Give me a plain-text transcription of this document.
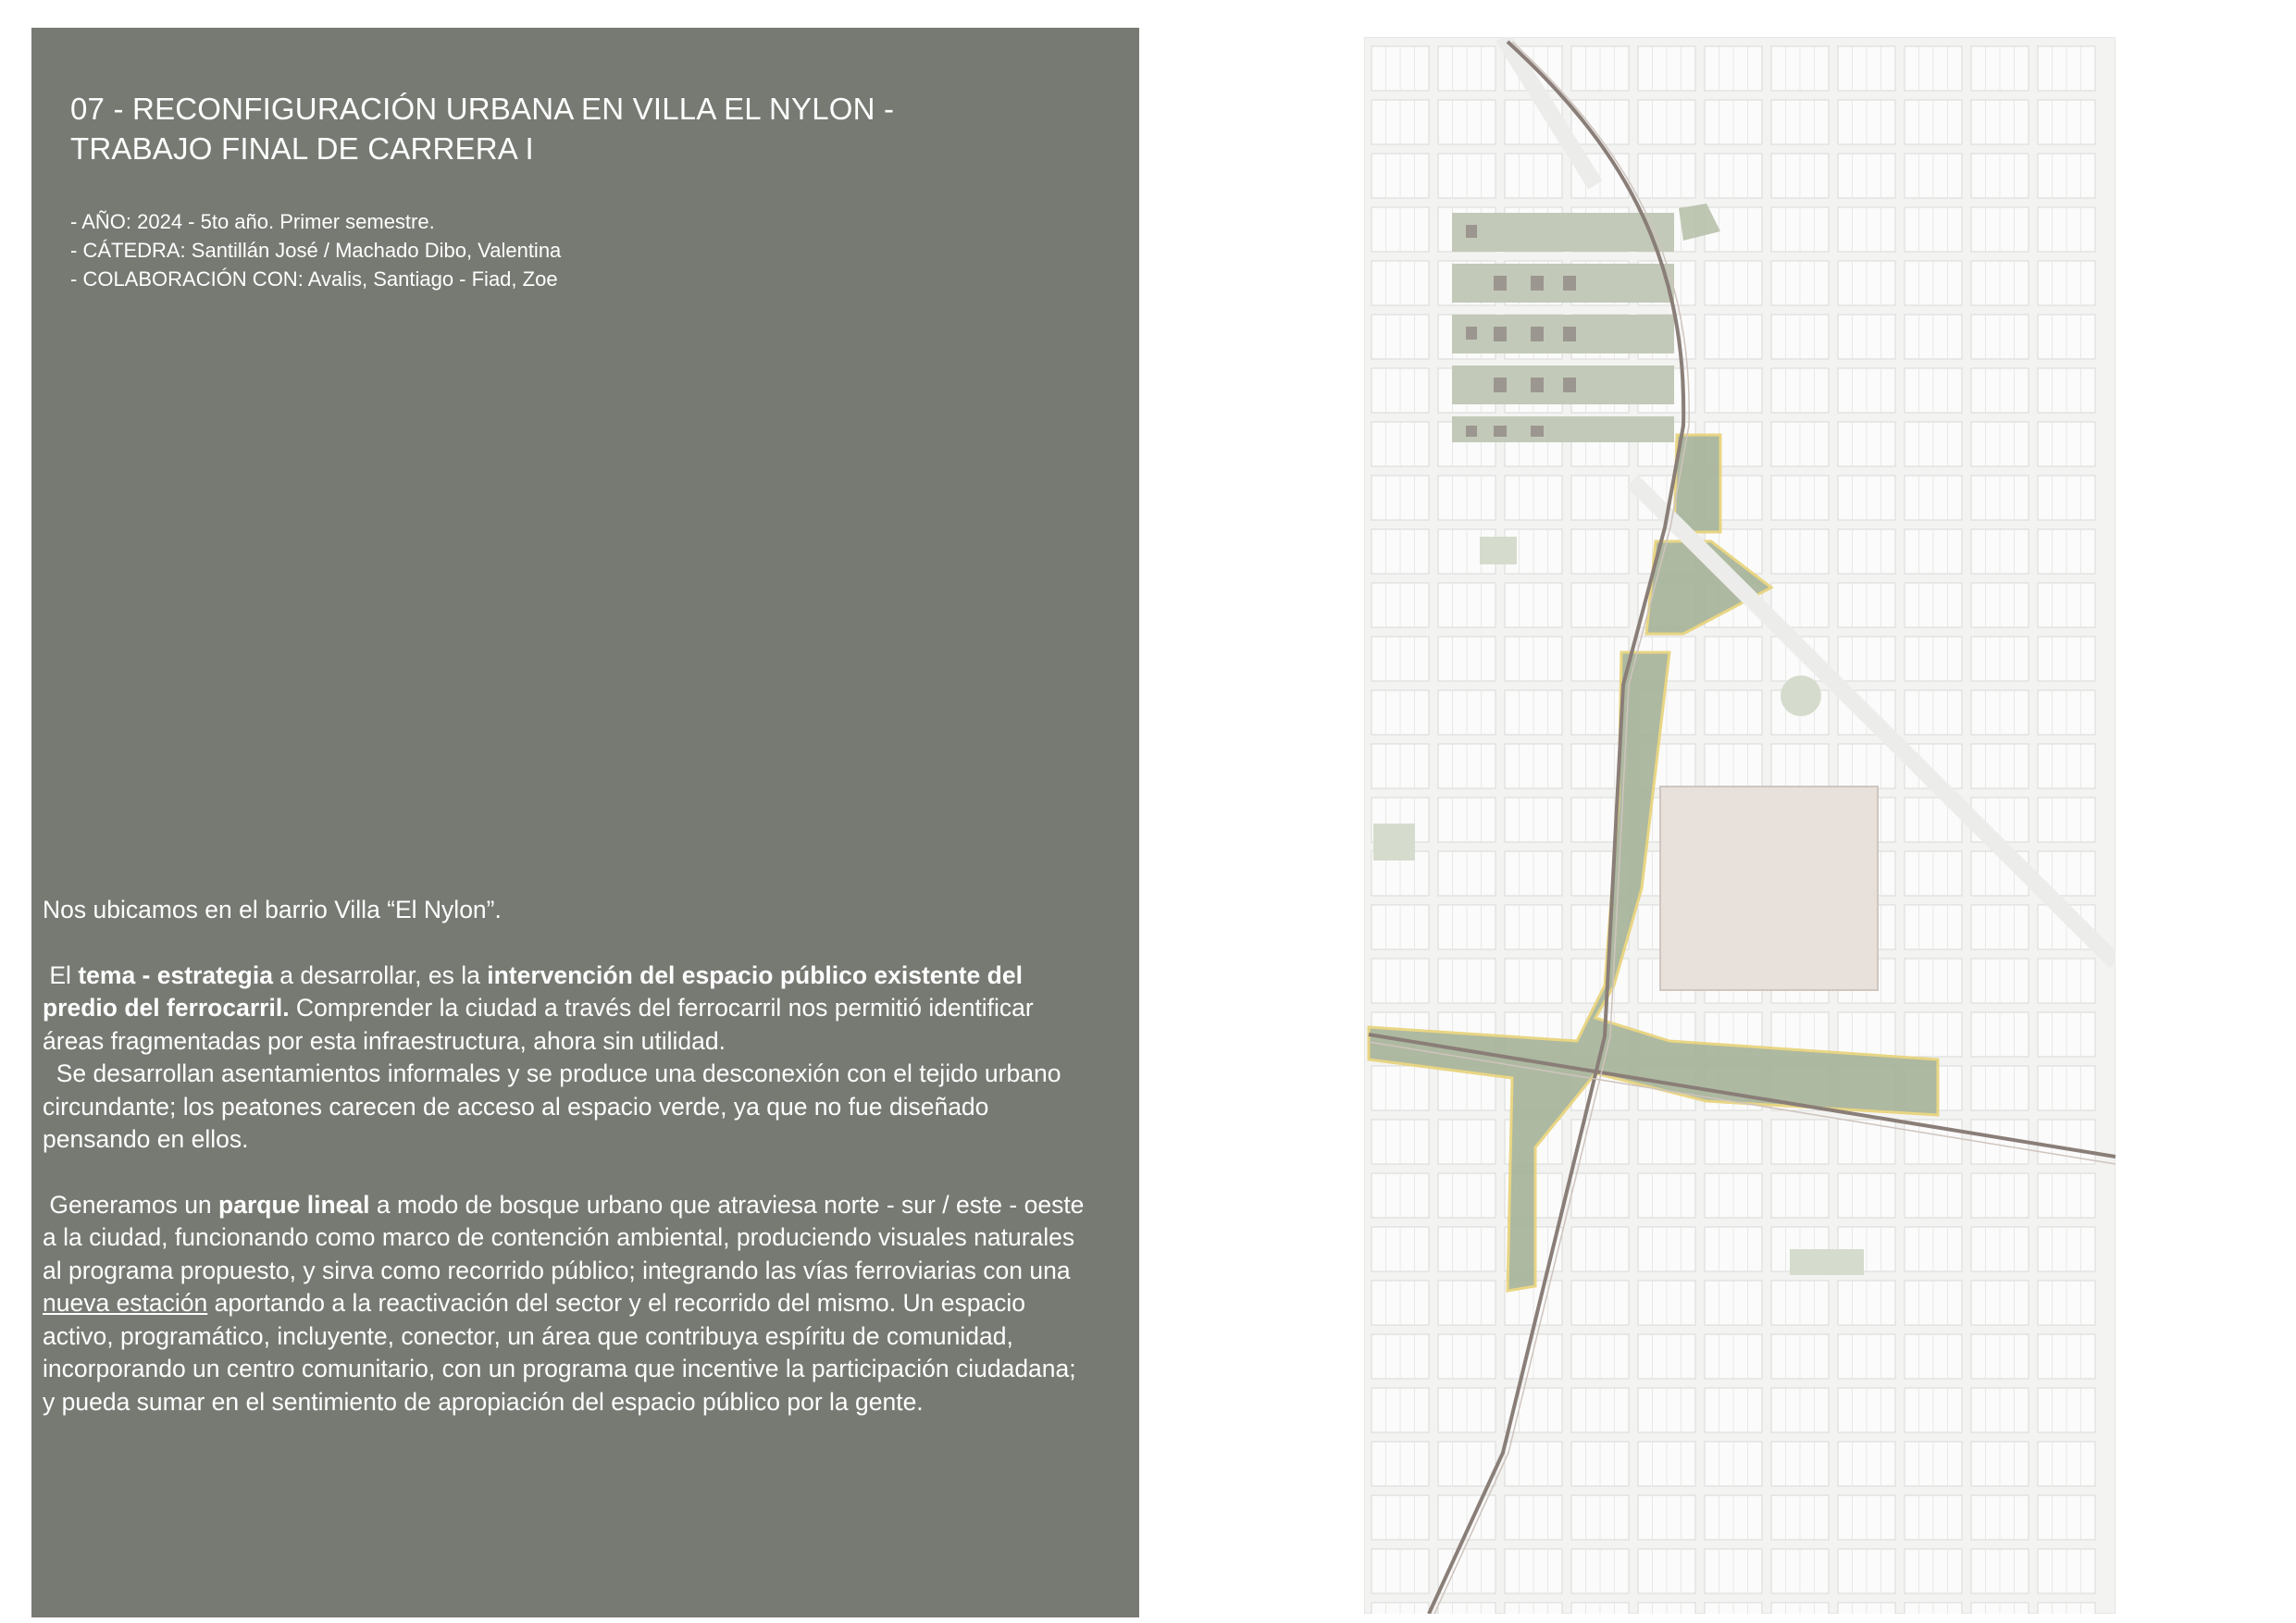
07 - RECONFIGURACIÓN URBANA EN VILLA EL NYLON -
TRABAJO FINAL DE CARRERA I
- AÑO: 2024 - 5to año. Primer semestre.
- CÁTEDRA: Santillán José / Machado Dibo, Valentina
- COLABORACIÓN CON: Avalis, Santiago - Fiad, Zoe

Nos ubicamos en el barrio Villa “El Nylon”.

El tema - estrategia a desarrollar, es la intervención del espacio público existente del predio del ferrocarril. Comprender la ciudad a través del ferrocarril nos permitió identificar áreas fragmentadas por esta infraestructura, ahora sin utilidad.

Se desarrollan asentamientos informales y se produce una desconexión con el tejido urbano circundante; los peatones carecen de acceso al espacio verde, ya que no fue diseñado pensando en ellos.

Generamos un parque lineal a modo de bosque urbano que atraviesa norte - sur / este - oeste a la ciudad, funcionando como marco de contención ambiental, produciendo visuales naturales al programa propuesto, y sirva como recorrido público; integrando las vías ferroviarias con una nueva estación aportando a la reactivación del sector y el recorrido del mismo. Un espacio activo, programático, incluyente, conector, un área que contribuya espíritu de comunidad, incorporando un centro comunitario, con un programa que incentive la participación ciudadana; y pueda sumar en el sentimiento de apropiación del espacio público por la gente.
